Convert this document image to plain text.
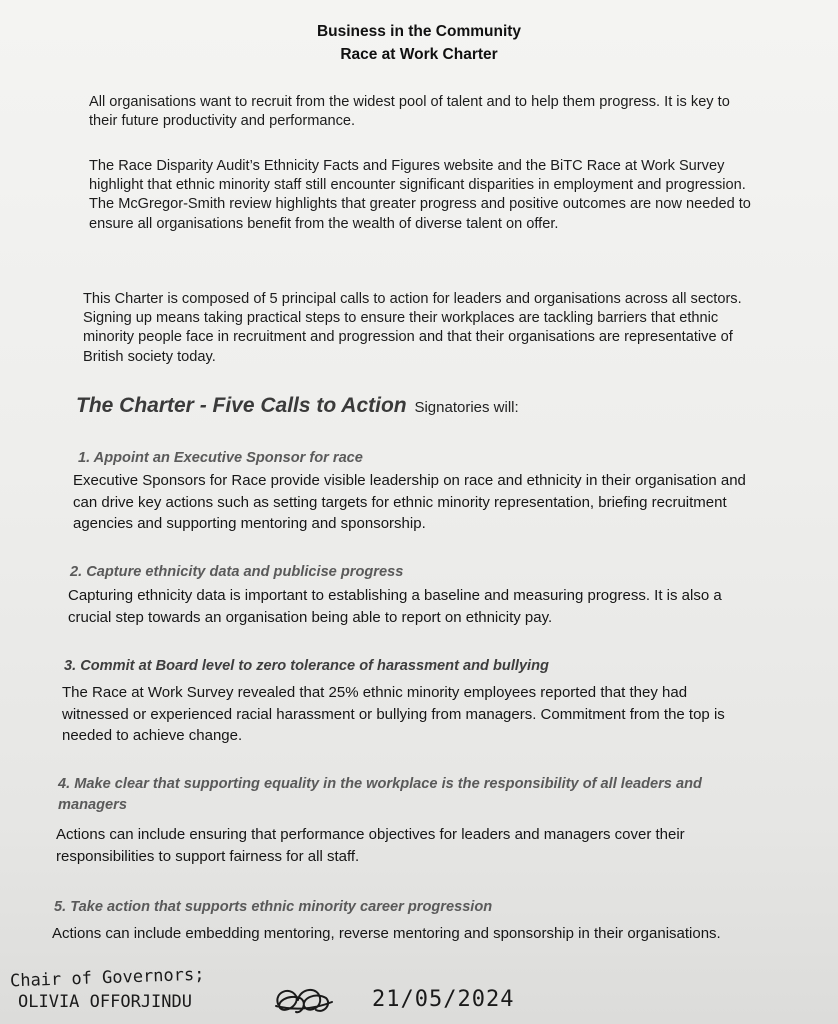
Business in the Community
Race at Work Charter
All organisations want to recruit from the widest pool of talent and to help them progress. It is key to their future productivity and performance.
The Race Disparity Audit’s Ethnicity Facts and Figures website and the BiTC Race at Work Survey highlight that ethnic minority staff still encounter significant disparities in employment and progression. The McGregor-Smith review highlights that greater progress and positive outcomes are now needed to ensure all organisations benefit from the wealth of diverse talent on offer.
This Charter is composed of 5 principal calls to action for leaders and organisations across all sectors. Signing up means taking practical steps to ensure their workplaces are tackling barriers that ethnic minority people face in recruitment and progression and that their organisations are representative of British society today.
The Charter - Five Calls to Action Signatories will:
1. Appoint an Executive Sponsor for race
Executive Sponsors for Race provide visible leadership on race and ethnicity in their organisation and can drive key actions such as setting targets for ethnic minority representation, briefing recruitment agencies and supporting mentoring and sponsorship.
2. Capture ethnicity data and publicise progress
Capturing ethnicity data is important to establishing a baseline and measuring progress. It is also a crucial step towards an organisation being able to report on ethnicity pay.
3. Commit at Board level to zero tolerance of harassment and bullying
The Race at Work Survey revealed that 25% ethnic minority employees reported that they had witnessed or experienced racial harassment or bullying from managers. Commitment from the top is needed to achieve change.
4. Make clear that supporting equality in the workplace is the responsibility of all leaders and managers
Actions can include ensuring that performance objectives for leaders and managers cover their responsibilities to support fairness for all staff.
5. Take action that supports ethnic minority career progression
Actions can include embedding mentoring, reverse mentoring and sponsorship in their organisations.
Chair of Governors;
OLIVIA OFFORJINDU	21/05/2024
